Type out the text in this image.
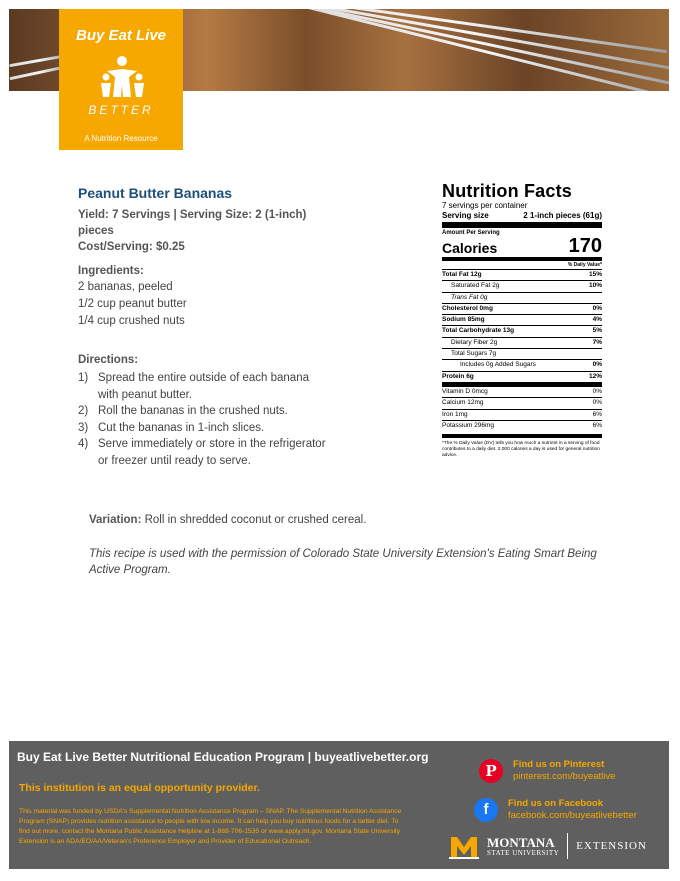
Buy Eat Live
BETTER
A Nutrition Resource
Peanut Butter Bananas
Yield: 7 Servings | Serving Size: 2 (1-inch) pieces
Cost/Serving: $0.25
Ingredients:
2 bananas, peeled
1/2 cup peanut butter
1/4 cup crushed nuts
Directions:
1) Spread the entire outside of each banana with peanut butter.
2) Roll the bananas in the crushed nuts.
3) Cut the bananas in 1-inch slices.
4) Serve immediately or store in the refrigerator or freezer until ready to serve.
Nutrition Facts
7 servings per container
Serving size	2 1-inch pieces (61g)
Amount Per Serving
Calories	170
% Daily Value*
Total Fat 12g	15%
Saturated Fat 2g	10%
Trans Fat 0g
Cholesterol 0mg	0%
Sodium 85mg	4%
Total Carbohydrate 13g	5%
Dietary Fiber 2g	7%
Total Sugars 7g
Includes 0g Added Sugars	0%
Protein 6g	12%
Vitamin D 0mcg	0%
Calcium 12mg	0%
Iron 1mg	6%
Potassium 296mg	6%
*The % Daily Value (DV) tells you how much a nutrient in a serving of food contributes to a daily diet. 2,000 calories a day is used for general nutrition advice.
Variation: Roll in shredded coconut or crushed cereal.
This recipe is used with the permission of Colorado State University Extension's Eating Smart Being Active Program.
Buy Eat Live Better Nutritional Education Program | buyeatlivebetter.org
This institution is an equal opportunity provider.
This material was funded by USDA's Supplemental Nutrition Assistance Program – SNAP. The Supplemental Nutrition Assistance Program (SNAP) provides nutrition assistance to people with low income. It can help you buy nutritious foods for a better diet. To find out more, contact the Montana Public Assistance Helpline at 1-888-706-1535 or www.apply.mt.gov. Montana State University Extension is an ADA/EO/AA/Veteran's Preference Employer and Provider of Educational Outreach.
P	Find us on Pinterest
pinterest.com/buyeatlive
f	Find us on Facebook
facebook.com/buyeatlivebetter
MONTANA
STATE UNIVERSITY
EXTENSION
